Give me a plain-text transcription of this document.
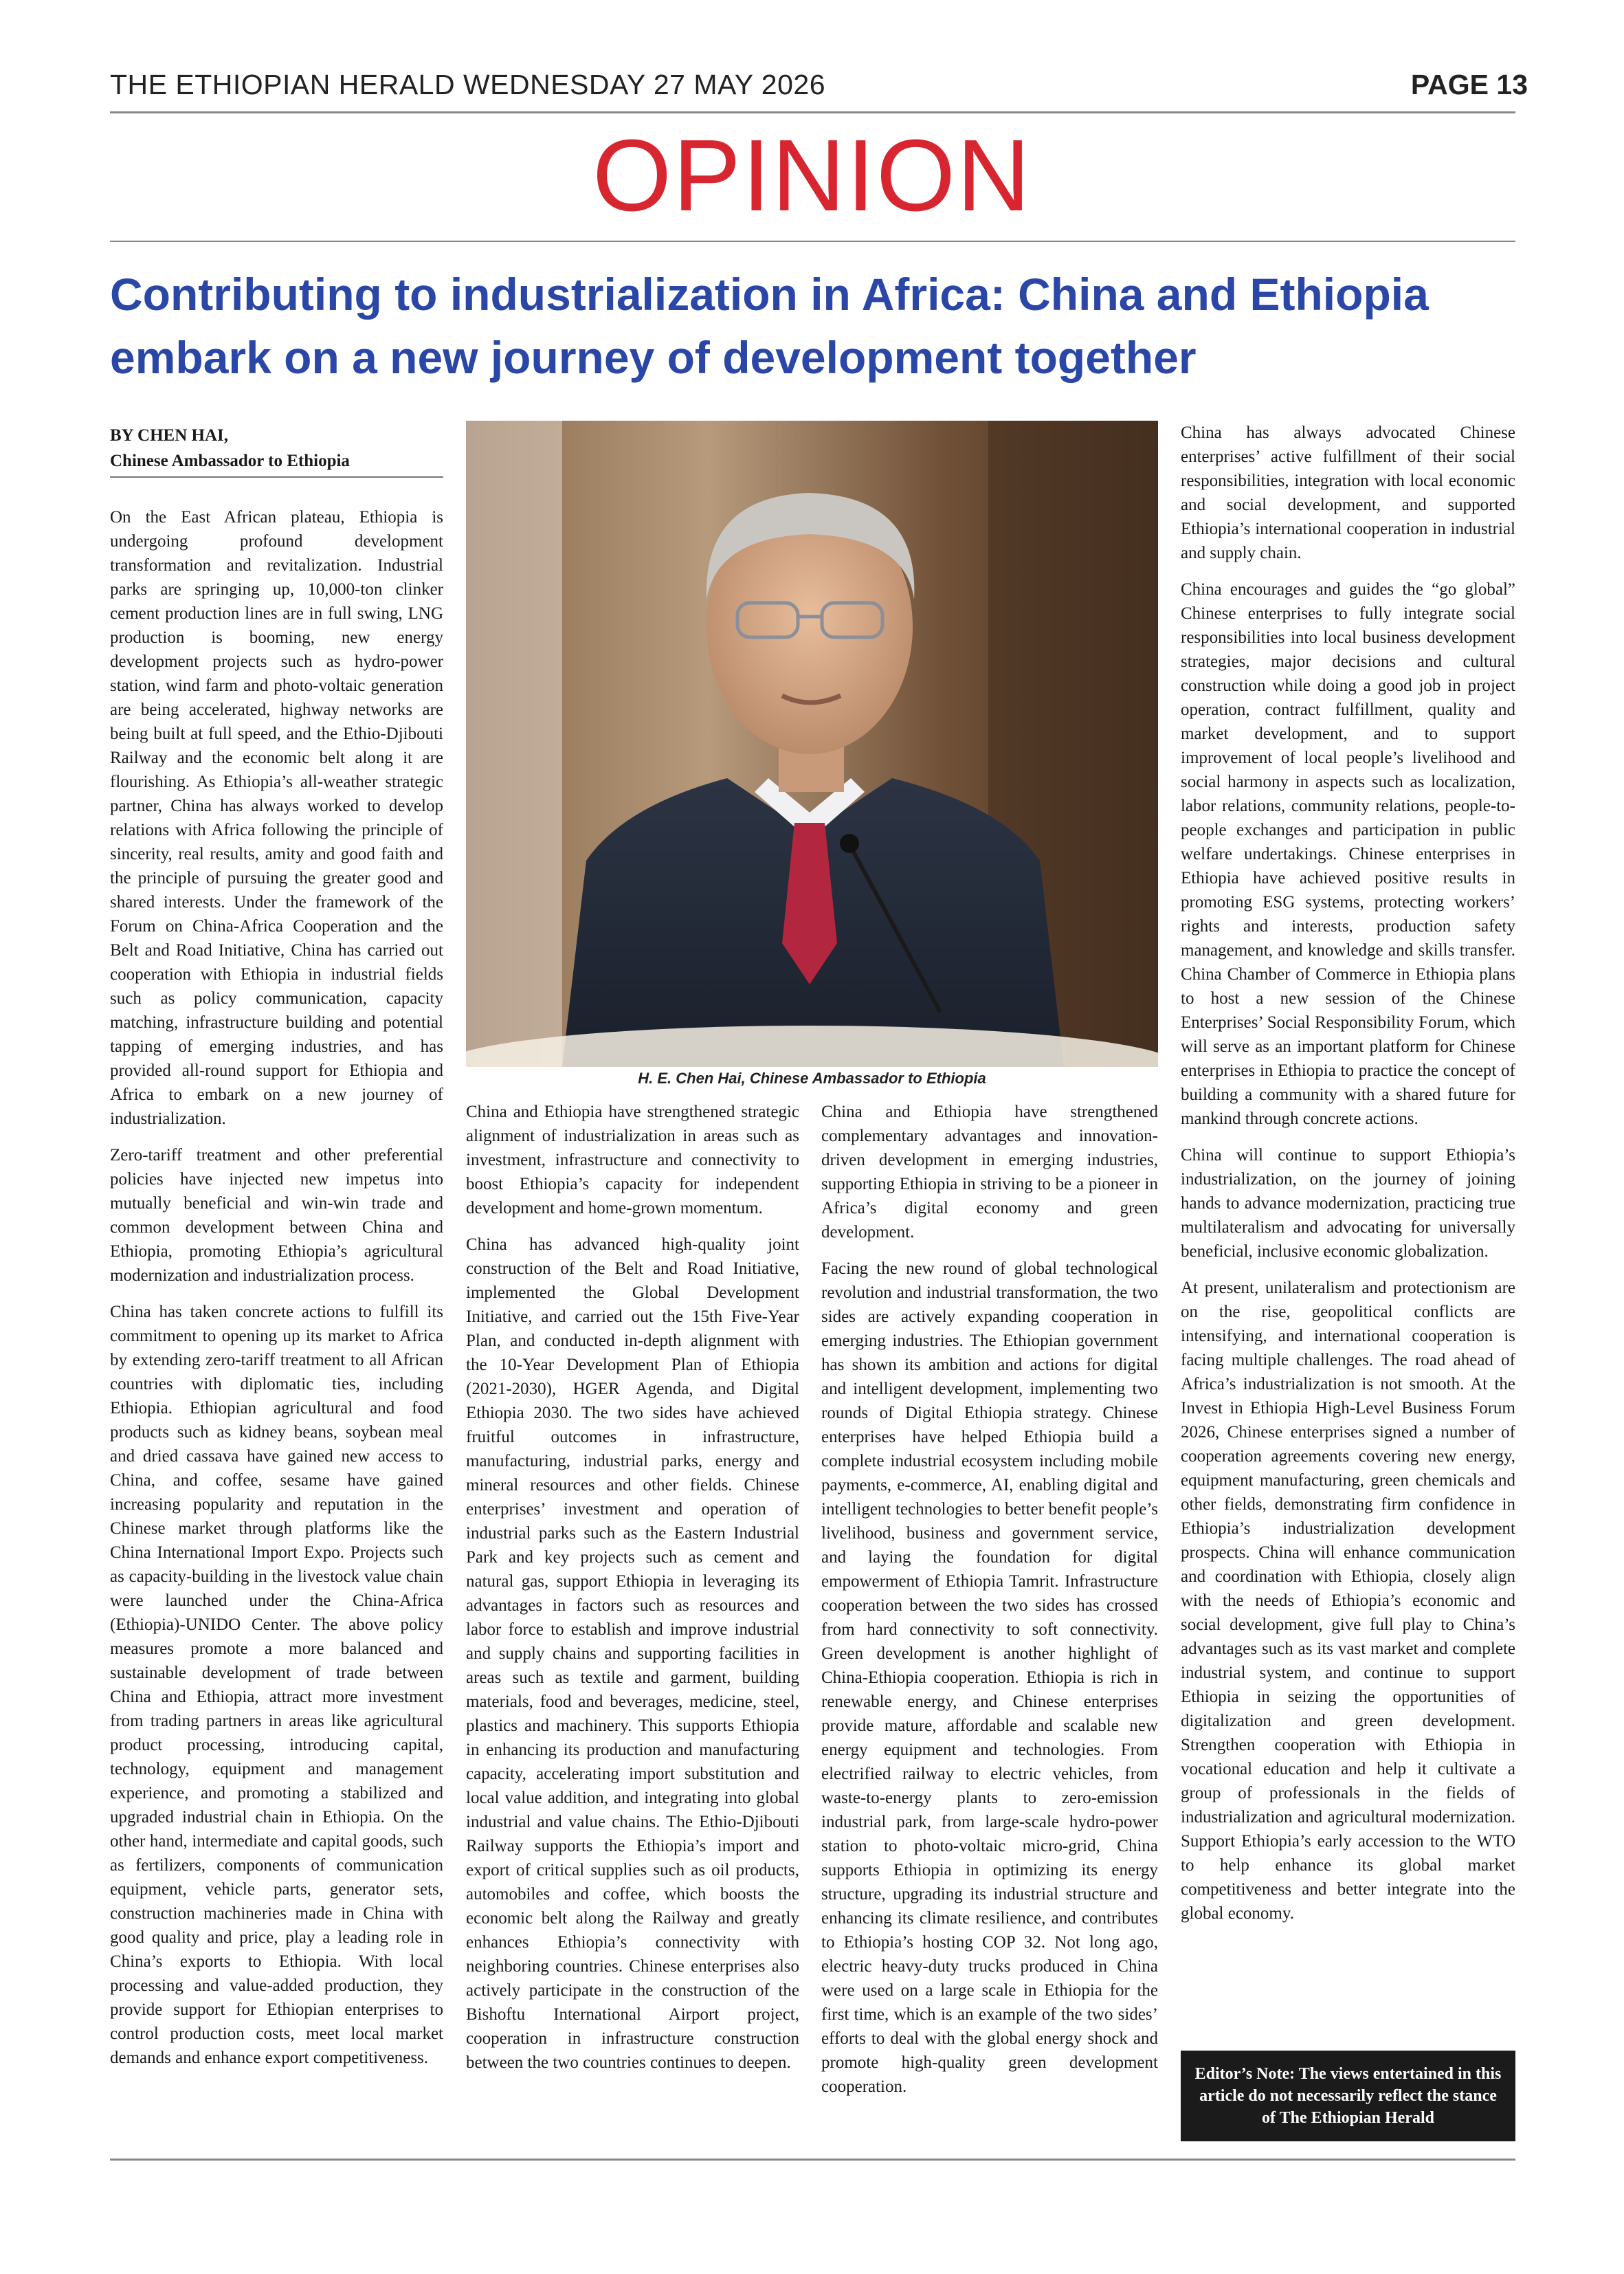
THE ETHIOPIAN HERALD WEDNESDAY 27 MAY 2026	PAGE 13
OPINION
Contributing to industrialization in Africa: China and Ethiopia
embark on a new journey of development together
BY CHEN HAI,
Chinese Ambassador to Ethiopia

On the East African plateau, Ethiopia is undergoing profound development transformation and revitalization. Industrial parks are springing up, 10,000-ton clinker cement production lines are in full swing, LNG production is booming, new energy development projects such as hydro-power station, wind farm and photo-voltaic generation are being accelerated, highway networks are being built at full speed, and the Ethio-Djibouti Railway and the economic belt along it are flourishing. As Ethiopia’s all-weather strategic partner, China has always worked to develop relations with Africa following the principle of sincerity, real results, amity and good faith and the principle of pursuing the greater good and shared interests. Under the framework of the Forum on China-Africa Cooperation and the Belt and Road Initiative, China has carried out cooperation with Ethiopia in industrial fields such as policy communication, capacity matching, infrastructure building and potential tapping of emerging industries, and has provided all-round support for Ethiopia and Africa to embark on a new journey of industrialization.

Zero-tariff treatment and other preferential policies have injected new impetus into mutually beneficial and win-win trade and common development between China and Ethiopia, promoting Ethiopia’s agricultural modernization and industrialization process.

China has taken concrete actions to fulfill its commitment to opening up its market to Africa by extending zero-tariff treatment to all African countries with diplomatic ties, including Ethiopia. Ethiopian agricultural and food products such as kidney beans, soybean meal and dried cassava have gained new access to China, and coffee, sesame have gained increasing popularity and reputation in the Chinese market through platforms like the China International Import Expo. Projects such as capacity-building in the livestock value chain were launched under the China-Africa (Ethiopia)-UNIDO Center. The above policy measures promote a more balanced and sustainable development of trade between China and Ethiopia, attract more investment from trading partners in areas like agricultural product processing, introducing capital, technology, equipment and management experience, and promoting a stabilized and upgraded industrial chain in Ethiopia. On the other hand, intermediate and capital goods, such as fertilizers, components of communication equipment, vehicle parts, generator sets, construction machineries made in China with good quality and price, play a leading role in China’s exports to Ethiopia. With local processing and value-added production, they provide support for Ethiopian enterprises to control production costs, meet local market demands and enhance export competitiveness.

H. E. Chen Hai, Chinese Ambassador to Ethiopia

China and Ethiopia have strengthened strategic alignment of industrialization in areas such as investment, infrastructure and connectivity to boost Ethiopia’s capacity for independent development and home-grown momentum.

China has advanced high-quality joint construction of the Belt and Road Initiative, implemented the Global Development Initiative, and carried out the 15th Five-Year Plan, and conducted in-depth alignment with the 10-Year Development Plan of Ethiopia (2021-2030), HGER Agenda, and Digital Ethiopia 2030. The two sides have achieved fruitful outcomes in infrastructure, manufacturing, industrial parks, energy and mineral resources and other fields. Chinese enterprises’ investment and operation of industrial parks such as the Eastern Industrial Park and key projects such as cement and natural gas, support Ethiopia in leveraging its advantages in factors such as resources and labor force to establish and improve industrial and supply chains and supporting facilities in areas such as textile and garment, building materials, food and beverages, medicine, steel, plastics and machinery. This supports Ethiopia in enhancing its production and manufacturing capacity, accelerating import substitution and local value addition, and integrating into global industrial and value chains. The Ethio-Djibouti Railway supports the Ethiopia’s import and export of critical supplies such as oil products, automobiles and coffee, which boosts the economic belt along the Railway and greatly enhances Ethiopia’s connectivity with neighboring countries. Chinese enterprises also actively participate in the construction of the Bishoftu International Airport project, cooperation in infrastructure construction between the two countries continues to deepen.

China and Ethiopia have strengthened complementary advantages and innovation-driven development in emerging industries, supporting Ethiopia in striving to be a pioneer in Africa’s digital economy and green development.

Facing the new round of global technological revolution and industrial transformation, the two sides are actively expanding cooperation in emerging industries. The Ethiopian government has shown its ambition and actions for digital and intelligent development, implementing two rounds of Digital Ethiopia strategy. Chinese enterprises have helped Ethiopia build a complete industrial ecosystem including mobile payments, e-commerce, AI, enabling digital and intelligent technologies to better benefit people’s livelihood, business and government service, and laying the foundation for digital empowerment of Ethiopia Tamrit. Infrastructure cooperation between the two sides has crossed from hard connectivity to soft connectivity. Green development is another highlight of China-Ethiopia cooperation. Ethiopia is rich in renewable energy, and Chinese enterprises provide mature, affordable and scalable new energy equipment and technologies. From electrified railway to electric vehicles, from waste-to-energy plants to zero-emission industrial park, from large-scale hydro-power station to photo-voltaic micro-grid, China supports Ethiopia in optimizing its energy structure, upgrading its industrial structure and enhancing its climate resilience, and contributes to Ethiopia’s hosting COP 32. Not long ago, electric heavy-duty trucks produced in China were used on a large scale in Ethiopia for the first time, which is an example of the two sides’ efforts to deal with the global energy shock and promote high-quality green development cooperation.

China has always advocated Chinese enterprises’ active fulfillment of their social responsibilities, integration with local economic and social development, and supported Ethiopia’s international cooperation in industrial and supply chain.

China encourages and guides the “go global” Chinese enterprises to fully integrate social responsibilities into local business development strategies, major decisions and cultural construction while doing a good job in project operation, contract fulfillment, quality and market development, and to support improvement of local people’s livelihood and social harmony in aspects such as localization, labor relations, community relations, people-to-people exchanges and participation in public welfare undertakings. Chinese enterprises in Ethiopia have achieved positive results in promoting ESG systems, protecting workers’ rights and interests, production safety management, and knowledge and skills transfer. China Chamber of Commerce in Ethiopia plans to host a new session of the Chinese Enterprises’ Social Responsibility Forum, which will serve as an important platform for Chinese enterprises in Ethiopia to practice the concept of building a community with a shared future for mankind through concrete actions.

China will continue to support Ethiopia’s industrialization, on the journey of joining hands to advance modernization, practicing true multilateralism and advocating for universally beneficial, inclusive economic globalization.

At present, unilateralism and protectionism are on the rise, geopolitical conflicts are intensifying, and international cooperation is facing multiple challenges. The road ahead of Africa’s industrialization is not smooth. At the Invest in Ethiopia High-Level Business Forum 2026, Chinese enterprises signed a number of cooperation agreements covering new energy, equipment manufacturing, green chemicals and other fields, demonstrating firm confidence in Ethiopia’s industrialization development prospects. China will enhance communication and coordination with Ethiopia, closely align with the needs of Ethiopia’s economic and social development, give full play to China’s advantages such as its vast market and complete industrial system, and continue to support Ethiopia in seizing the opportunities of digitalization and green development. Strengthen cooperation with Ethiopia in vocational education and help it cultivate a group of professionals in the fields of industrialization and agricultural modernization. Support Ethiopia’s early accession to the WTO to help enhance its global market competitiveness and better integrate into the global economy.

Editor’s Note: The views entertained in this article do not necessarily reflect the stance of The Ethiopian Herald
